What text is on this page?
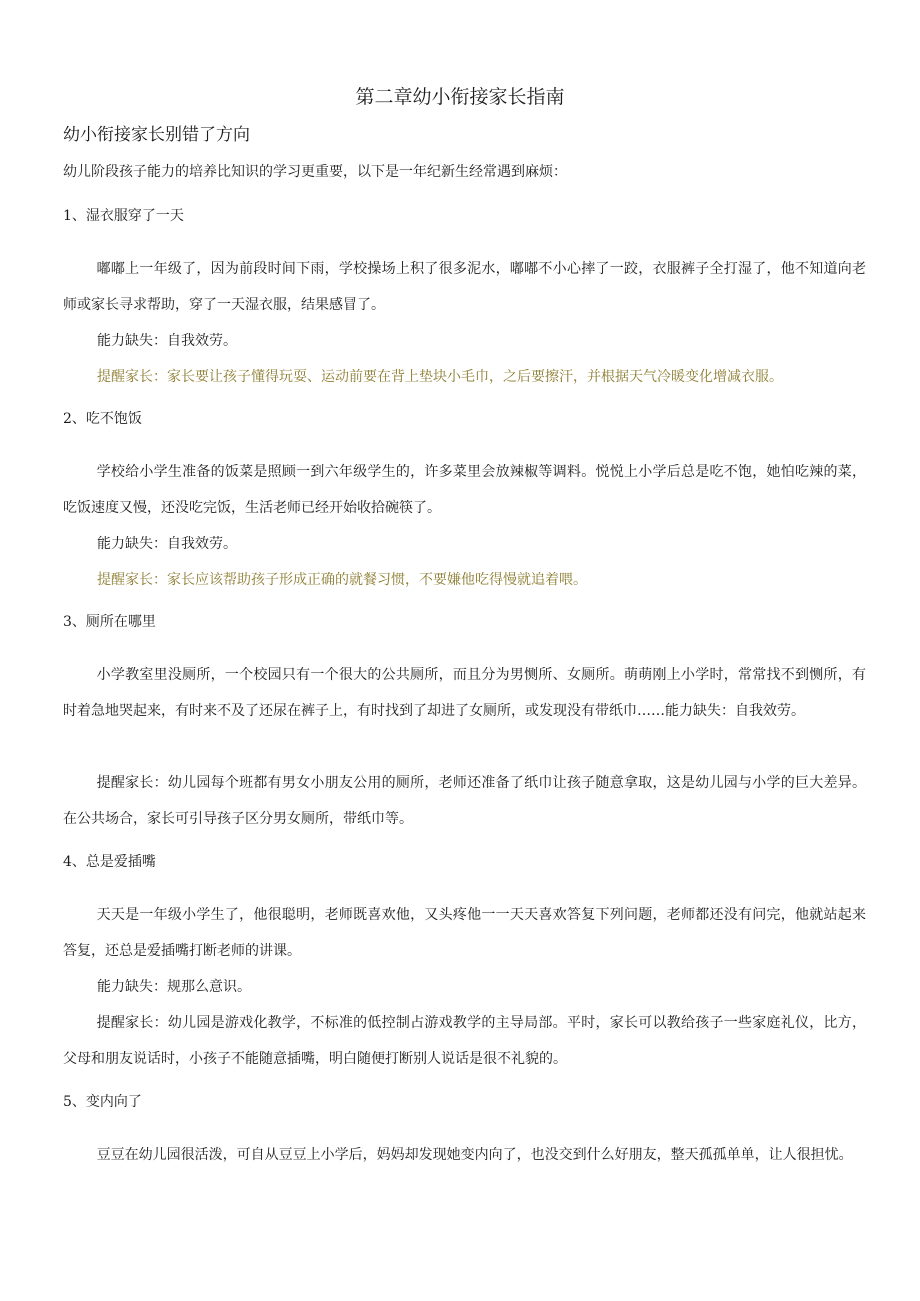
第二章幼小衔接家长指南
幼小衔接家长别错了方向
幼儿阶段孩子能力的培养比知识的学习更重要，以下是一年纪新生经常遇到麻烦：
1、湿衣服穿了一天
嘟嘟上一年级了，因为前段时间下雨，学校操场上积了很多泥水，嘟嘟不小心摔了一跤，衣服裤子全打湿了，他不知道向老师或家长寻求帮助，穿了一天湿衣服，结果感冒了。
能力缺失：自我效劳。
提醒家长：家长要让孩子懂得玩耍、运动前要在背上垫块小毛巾，之后要擦汗，并根据天气冷暖变化增减衣服。
2、吃不饱饭
学校给小学生准备的饭菜是照顾一到六年级学生的，许多菜里会放辣椒等调料。悦悦上小学后总是吃不饱，她怕吃辣的菜，吃饭速度又慢，还没吃完饭，生活老师已经开始收拾碗筷了。
能力缺失：自我效劳。
提醒家长：家长应该帮助孩子形成正确的就餐习惯，不要嫌他吃得慢就追着喂。
3、厕所在哪里
小学教室里没厕所，一个校园只有一个很大的公共厕所，而且分为男恻所、女厕所。萌萌刚上小学时，常常找不到恻所，有时着急地哭起来，有时来不及了还尿在裤子上，有时找到了却进了女厕所，或发现没有带纸巾……能力缺失：自我效劳。
提醒家长：幼儿园每个班都有男女小朋友公用的厕所，老师还准备了纸巾让孩子随意拿取，这是幼儿园与小学的巨大差异。在公共场合，家长可引导孩子区分男女厕所，带纸巾等。
4、总是爱插嘴
天天是一年级小学生了，他很聪明，老师既喜欢他，又头疼他一一天天喜欢答复下列问题，老师都还没有问完，他就站起来答复，还总是爱插嘴打断老师的讲课。
能力缺失：规那么意识。
提醒家长：幼儿园是游戏化教学，不标准的低控制占游戏教学的主导局部。平时，家长可以教给孩子一些家庭礼仪，比方，父母和朋友说话时，小孩子不能随意插嘴，明白随便打断别人说话是很不礼貌的。
5、变内向了
豆豆在幼儿园很活泼，可自从豆豆上小学后，妈妈却发现她变内向了，也没交到什么好朋友，整天孤孤单单，让人很担忧。
